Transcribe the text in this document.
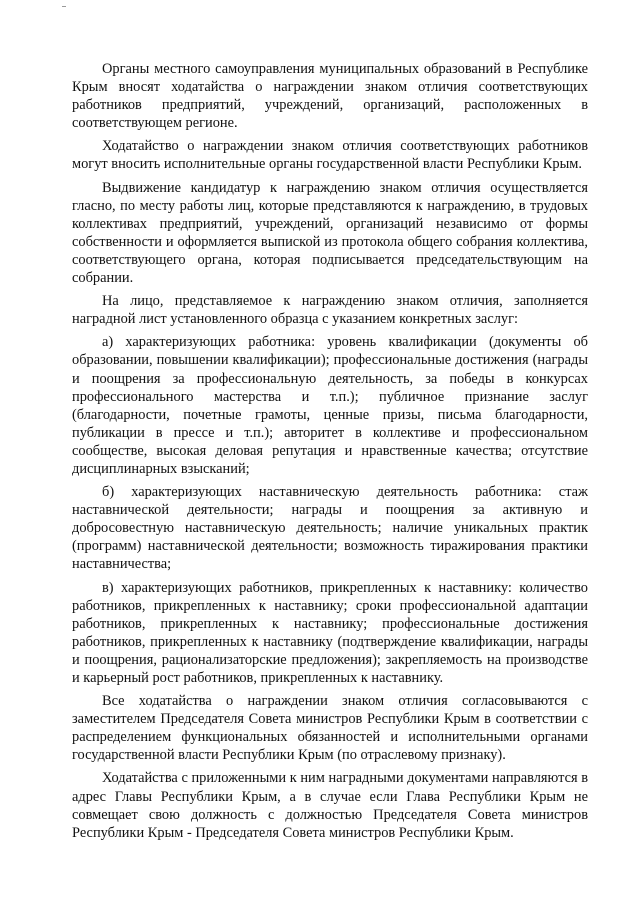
Органы местного самоуправления муниципальных образований в Республике Крым вносят ходатайства о награждении знаком отличия соответствующих работников предприятий, учреждений, организаций, расположенных в соответствующем регионе.

Ходатайство о награждении знаком отличия соответствующих работников могут вносить исполнительные органы государственной власти Республики Крым.

Выдвижение кандидатур к награждению знаком отличия осуществляется гласно, по месту работы лиц, которые представляются к награждению, в трудовых коллективах предприятий, учреждений, организаций независимо от формы собственности и оформляется выпиской из протокола общего собрания коллектива, соответствующего органа, которая подписывается председательствующим на собрании.

На лицо, представляемое к награждению знаком отличия, заполняется наградной лист установленного образца с указанием конкретных заслуг:

а) характеризующих работника: уровень квалификации (документы об образовании, повышении квалификации); профессиональные достижения (награды и поощрения за профессиональную деятельность, за победы в конкурсах профессионального мастерства и т.п.); публичное признание заслуг (благодарности, почетные грамоты, ценные призы, письма благодарности, публикации в прессе и т.п.); авторитет в коллективе и профессиональном сообществе, высокая деловая репутация и нравственные качества; отсутствие дисциплинарных взысканий;

б) характеризующих наставническую деятельность работника: стаж наставнической деятельности; награды и поощрения за активную и добросовестную наставническую деятельность; наличие уникальных практик (программ) наставнической деятельности; возможность тиражирования практики наставничества;

в) характеризующих работников, прикрепленных к наставнику: количество работников, прикрепленных к наставнику; сроки профессиональной адаптации работников, прикрепленных к наставнику; профессиональные достижения работников, прикрепленных к наставнику (подтверждение квалификации, награды и поощрения, рационализаторские предложения); закрепляемость на производстве и карьерный рост работников, прикрепленных к наставнику.

Все ходатайства о награждении знаком отличия согласовываются с заместителем Председателя Совета министров Республики Крым в соответствии с распределением функциональных обязанностей и исполнительными органами государственной власти Республики Крым (по отраслевому признаку).

Ходатайства с приложенными к ним наградными документами направляются в адрес Главы Республики Крым, а в случае если Глава Республики Крым не совмещает свою должность с должностью Председателя Совета министров Республики Крым - Председателя Совета министров Республики Крым.
